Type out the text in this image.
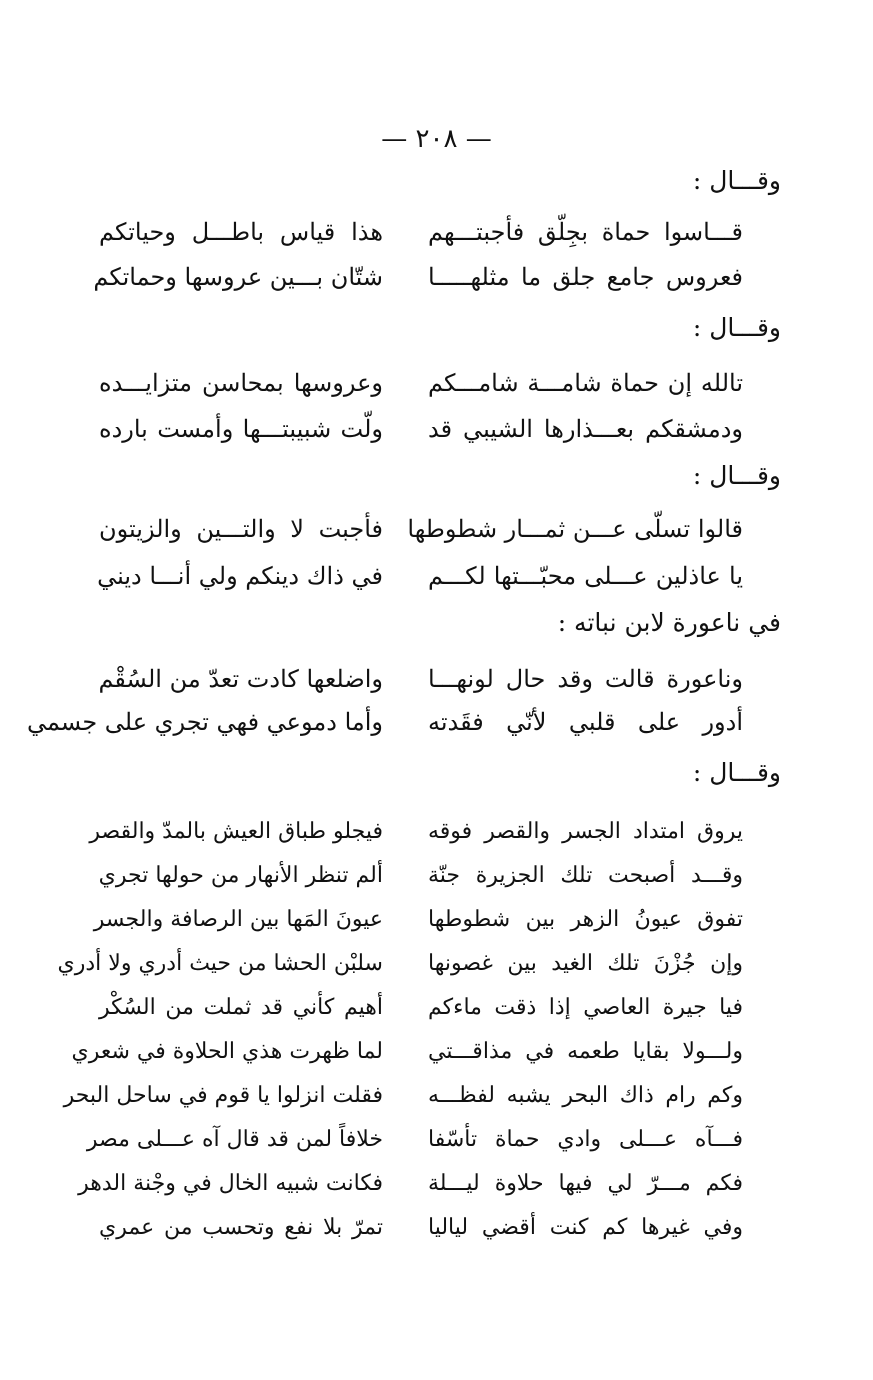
— ٢٠٨ —
وقـــال :
قـــاسوا حماة بجِلّق فأجبتـــهم
هذا قياس باطـــل وحياتكم
فعروس جامع جلق ما مثلهـــــا
شتّان بـــين عروسها وحماتكم
وقـــال :
تالله إن حماة شامـــة شامـــكم
وعروسها بمحاسن متزايـــده
ودمشقكم بعـــذارها الشيبي قد
ولّت شبيبتـــها وأمست بارده
وقـــال :
قالوا تسلّى عـــن ثمـــار شطوطها
فأجبت لا والتـــين والزيتون
يا عاذلين عـــلى محبّـــتها لكـــم
في ذاك دينكم ولي أنـــا ديني
في ناعورة لابن نباته :
وناعورة قالت وقد حال لونهـــا
واضلعها كادت تعدّ من السُقْم
أدور على قلبي لأنّي فقَدته
وأما دموعي فهي تجري على جسمي
وقـــال :
يروق امتداد الجسر والقصر فوقه
فيجلو طباق العيش بالمدّ والقصر
وقـــد أصبحت تلك الجزيرة جنّة
ألم تنظر الأنهار من حولها تجري
تفوق عيونُ الزهر بين شطوطها
عيونَ المَها بين الرصافة والجسر
وإن جُزْنَ تلك الغيد بين غصونها
سلبْن الحشا من حيث أدري ولا أدري
فيا جيرة العاصي إذا ذقت ماءكم
أهيم كأني قد ثملت من السُكْر
ولـــولا بقايا طعمه في مذاقـــتي
لما ظهرت هذي الحلاوة في شعري
وكم رام ذاك البحر يشبه لفظـــه
فقلت انزلوا يا قوم في ساحل البحر
فـــآه عـــلى وادي حماة تأسّفا
خلافاً لمن قد قال آه عـــلى مصر
فكم مـــرّ لي فيها حلاوة ليـــلة
فكانت شبيه الخال في وجْنة الدهر
وفي غيرها كم كنت أقضي لياليا
تمرّ بلا نفع وتحسب من عمري
